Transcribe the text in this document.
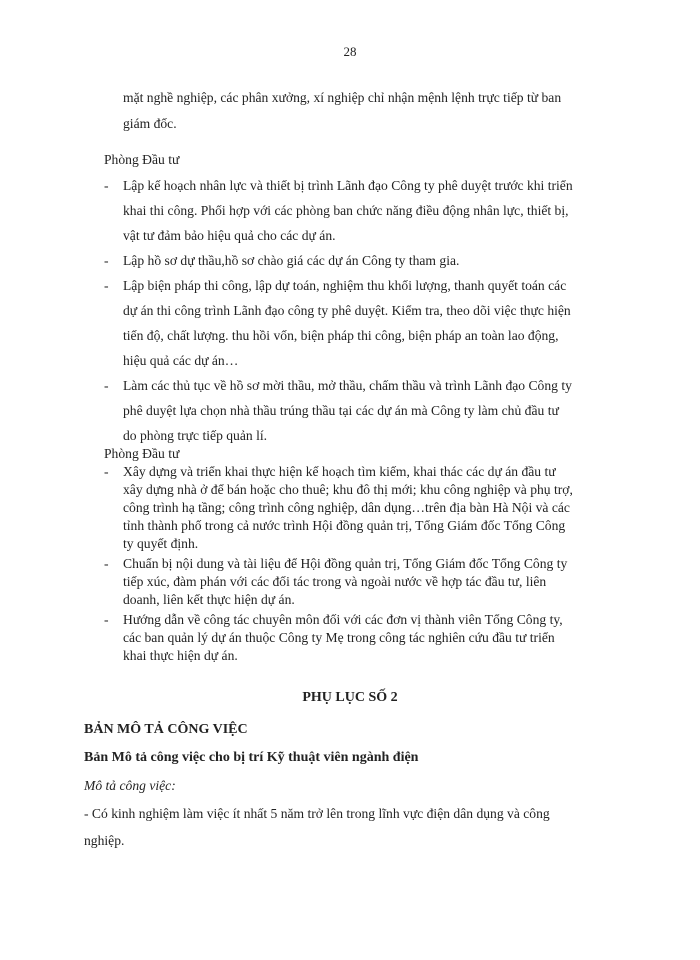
28
mặt nghề nghiệp, các phân xưởng, xí nghiệp chỉ nhận mệnh lệnh trực tiếp từ ban
giám đốc.
Phòng Đầu tư
- Lập kế hoạch nhân lực và thiết bị trình Lãnh đạo Công ty phê duyệt trước khi triển
khai thi công. Phối hợp với các phòng ban chức năng điều động nhân lực, thiết bị,
vật tư đảm bảo hiệu quả cho các dự án.
- Lập hồ sơ dự thầu,hồ sơ chào giá các dự án Công ty tham gia.
- Lập biện pháp thi công, lập dự toán, nghiệm thu khối lượng, thanh quyết toán các
dự án thi công trình Lãnh đạo công ty phê duyệt. Kiểm tra, theo dõi việc thực hiện
tiến độ, chất lượng. thu hồi vốn, biện pháp thi công, biện pháp an toàn lao động,
hiệu quả các dự án…
- Làm các thủ tục về hồ sơ mời thầu, mở thầu, chấm thầu và trình Lãnh đạo Công ty
phê duyệt lựa chọn nhà thầu trúng thầu tại các dự án mà Công ty làm chủ đầu tư
do phòng trực tiếp quản lí.
Phòng Đầu tư
- Xây dựng và triển khai thực hiện kế hoạch tìm kiếm, khai thác các dự án đầu tư
xây dựng nhà ở để bán hoặc cho thuê; khu đô thị mới; khu công nghiệp và phụ trợ,
công trình hạ tầng; công trình công nghiệp, dân dụng…trên địa bàn Hà Nội và các
tỉnh thành phố trong cả nước trình Hội đồng quản trị, Tổng Giám đốc Tổng Công
ty quyết định.
- Chuẩn bị nội dung và tài liệu để Hội đồng quản trị, Tổng Giám đốc Tổng Công ty
tiếp xúc, đàm phán với các đối tác trong và ngoài nước về hợp tác đầu tư, liên
doanh, liên kết thực hiện dự án.
- Hướng dẫn về công tác chuyên môn đối với các đơn vị thành viên Tổng Công ty,
các ban quản lý dự án thuộc Công ty Mẹ trong công tác nghiên cứu đầu tư triển
khai thực hiện dự án.
PHỤ LỤC SỐ 2
BẢN MÔ TẢ CÔNG VIỆC
Bản Mô tả công việc cho bị trí Kỹ thuật viên ngành điện
Mô tả công việc:
- Có kinh nghiệm làm việc ít nhất 5 năm trở lên trong lĩnh vực điện dân dụng và công
nghiệp.
